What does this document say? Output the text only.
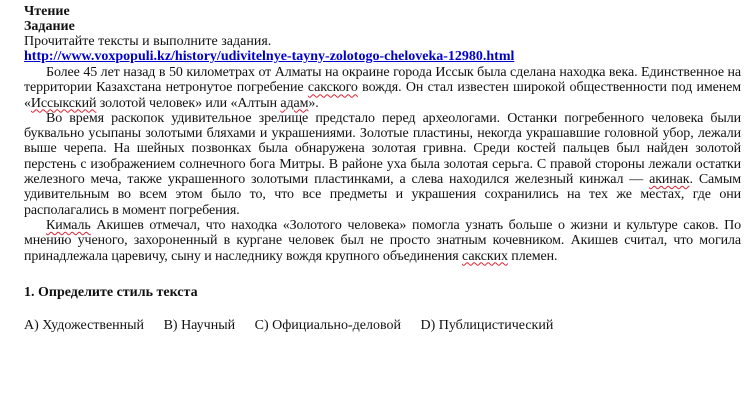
Чтение
Задание
Прочитайте тексты и выполните задания.
http://www.voxpopuli.kz/history/udivitelnye-tayny-zolotogo-cheloveka-12980.html

Более 45 лет назад в 50 километрах от Алматы на окраине города Иссык была сделана находка века. Единственное на территории Казахстана нетронутое погребение сакского вождя. Он стал известен широкой общественности под именем «Иссыкский золотой человек» или «Алтын адам».

Во время раскопок удивительное зрелище предстало перед археологами. Останки погребенного человека были буквально усыпаны золотыми бляхами и украшениями. Золотые пластины, некогда украшавшие головной убор, лежали выше черепа. На шейных позвонках была обнаружена золотая гривна. Среди костей пальцев был найден золотой перстень с изображением солнечного бога Митры. В районе уха была золотая серьга. С правой стороны лежали остатки железного меча, также украшенного золотыми пластинками, а слева находился железный кинжал — акинак. Самым удивительным во всем этом было то, что все предметы и украшения сохранились на тех же местах, где они располагались в момент погребения.

Кималь Акишев отмечал, что находка «Золотого человека» помогла узнать больше о жизни и культуре саков. По мнению ученого, захороненный в кургане человек был не просто знатным кочевником. Акишев считал, что могила принадлежала царевичу, сыну и наследнику вождя крупного объединения сакских племен.

1. Определите стиль текста
А) Художественный B) Научный C) Официально-деловой D) Публицистический
